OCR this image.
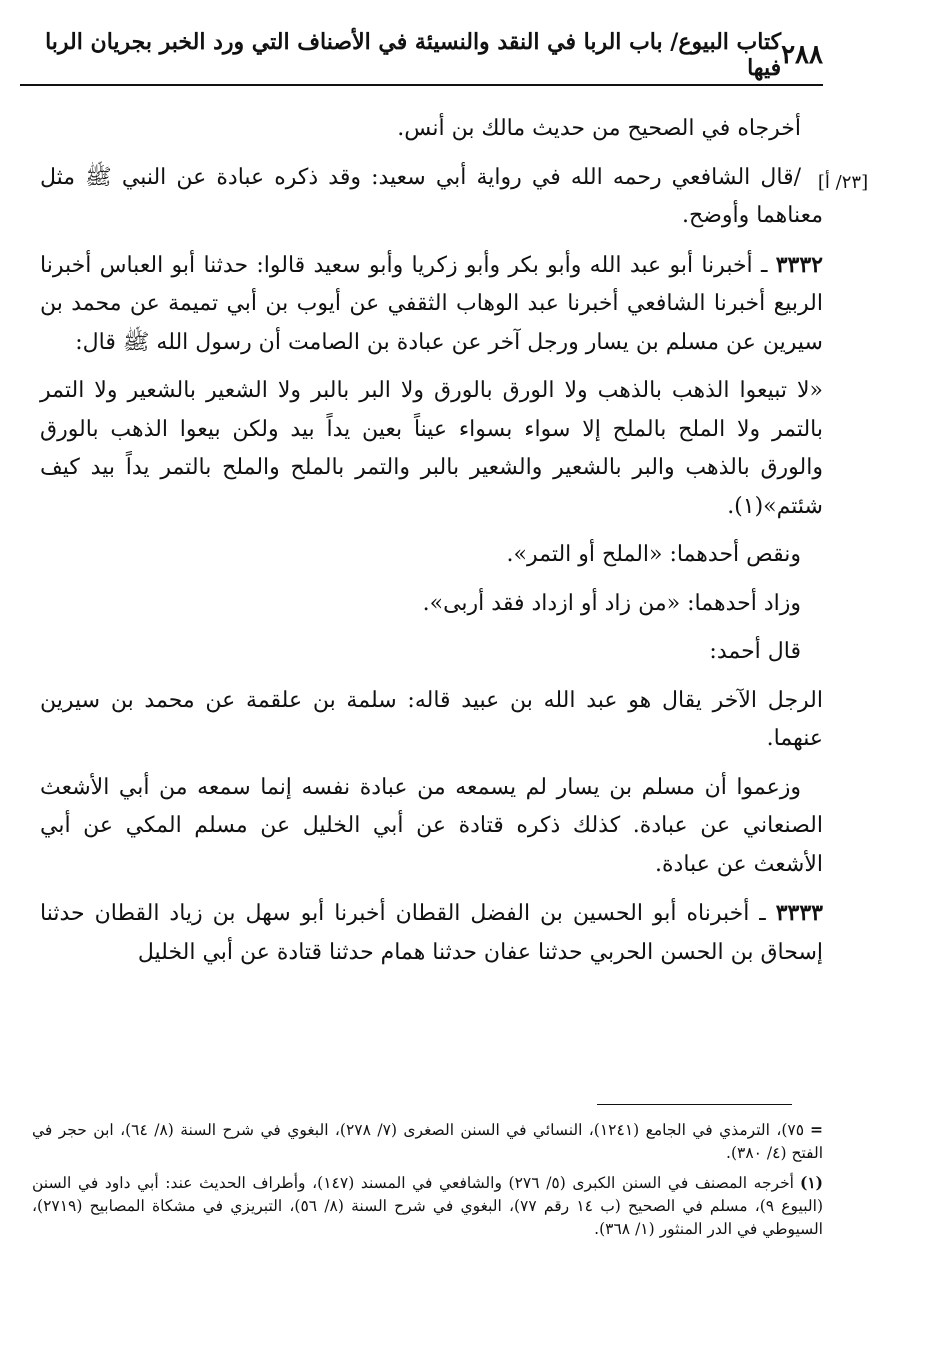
٢٨٨
كتاب البيوع/ باب الربا في النقد والنسيئة في الأصناف التي ورد الخبر بجريان الربا فيها
[٢٣/ أ]

أخرجاه في الصحيح من حديث مالك بن أنس.

/قال الشافعي رحمه الله في رواية أبي سعيد: وقد ذكره عبادة عن النبي ﷺ مثل معناهما وأوضح.

٣٣٣٢ ـ أخبرنا أبو عبد الله وأبو بكر وأبو زكريا وأبو سعيد قالوا: حدثنا أبو العباس أخبرنا الربيع أخبرنا الشافعي أخبرنا عبد الوهاب الثقفي عن أيوب بن أبي تميمة عن محمد بن سيرين عن مسلم بن يسار ورجل آخر عن عبادة بن الصامت أن رسول الله ﷺ قال:

«لا تبيعوا الذهب بالذهب ولا الورق بالورق ولا البر بالبر ولا الشعير بالشعير ولا التمر بالتمر ولا الملح بالملح إلا سواء بسواء عيناً بعين يداً بيد ولكن بيعوا الذهب بالورق والورق بالذهب والبر بالشعير والشعير بالبر والتمر بالملح والملح بالتمر يداً بيد كيف شئتم»(١).

ونقص أحدهما: «الملح أو التمر».

وزاد أحدهما: «من زاد أو ازداد فقد أربى».

قال أحمد:

الرجل الآخر يقال هو عبد الله بن عبيد قاله: سلمة بن علقمة عن محمد بن سيرين عنهما.

وزعموا أن مسلم بن يسار لم يسمعه من عبادة نفسه إنما سمعه من أبي الأشعث الصنعاني عن عبادة. كذلك ذكره قتادة عن أبي الخليل عن مسلم المكي عن أبي الأشعث عن عبادة.

٣٣٣٣ ـ أخبرناه أبو الحسين بن الفضل القطان أخبرنا أبو سهل بن زياد القطان حدثنا إسحاق بن الحسن الحربي حدثنا عفان حدثنا همام حدثنا قتادة عن أبي الخليل

=٧٥)، الترمذي في الجامع (١٢٤١)، النسائي في السنن الصغرى (٧/ ٢٧٨)، البغوي في شرح السنة (٨/ ٦٤)، ابن حجر في الفتح (٤/ ٣٨٠).

(١)أخرجه المصنف في السنن الكبرى (٥/ ٢٧٦) والشافعي في المسند (١٤٧)، وأطراف الحديث عند: أبي داود في السنن (البيوع ٩)، مسلم في الصحيح (ب ١٤ رقم ٧٧)، البغوي في شرح السنة (٨/ ٥٦)، التبريزي في مشكاة المصابيح (٢٧١٩)، السيوطي في الدر المنثور (١/ ٣٦٨).
